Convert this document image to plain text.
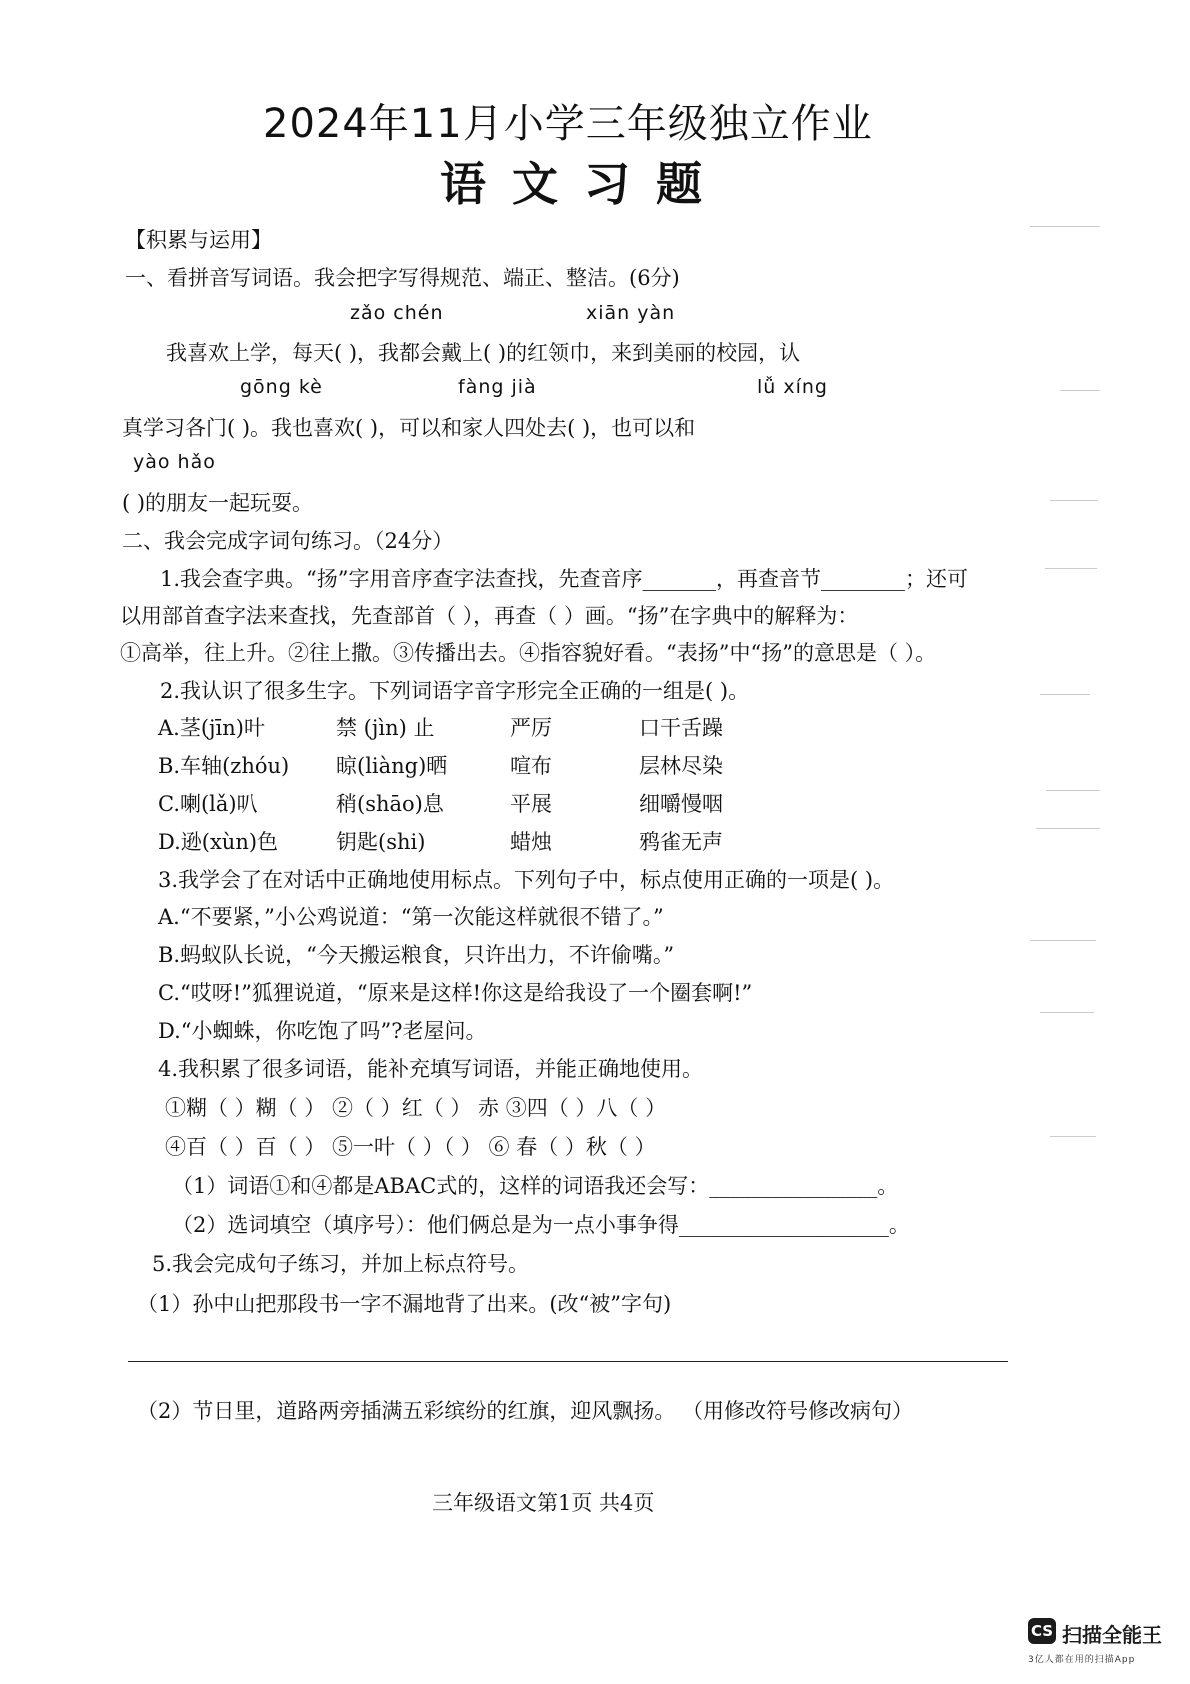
2024年11月小学三年级独立作业
语文习题
【积累与运用】
一、看拼音写词语。我会把字写得规范、端正、整洁。(6分)
zǎo chén	xiān yàn
我喜欢上学，每天( )，我都会戴上( )的红领巾，来到美丽的校园，认
gōng kè	fàng jià	lǚ xíng
真学习各门( )。我也喜欢( )，可以和家人四处去( )，也可以和
yào hǎo
( )的朋友一起玩耍。
二、我会完成字词句练习。（24分）
1.我会查字典。“扬”字用音序查字法查找，先查音序_______，再查音节________；还可
以用部首查字法来查找，先查部首（ ），再查（ ）画。“扬”在字典中的解释为：
①高举，往上升。②往上撒。③传播出去。④指容貌好看。“表扬”中“扬”的意思是（ ）。
2.我认识了很多生字。下列词语字音字形完全正确的一组是( )。
A.茎(jīn)叶	禁 (jìn) 止	严厉	口干舌躁
B.车轴(zhóu) 晾(liàng)晒	喧布	层林尽染
C.喇(lǎ)叭	稍(shāo)息	平展	细嚼慢咽
D.逊(xùn)色	钥匙(shi)	蜡烛	鸦雀无声
3.我学会了在对话中正确地使用标点。下列句子中，标点使用正确的一项是( )。
A.“不要紧，”小公鸡说道：“第一次能这样就很不错了。”
B.蚂蚁队长说，“今天搬运粮食，只许出力，不许偷嘴。”
C.“哎呀!”狐狸说道，“原来是这样!你这是给我设了一个圈套啊!”
D.“小蜘蛛，你吃饱了吗”?老屋问。
4.我积累了很多词语，能补充填写词语，并能正确地使用。
①糊（ ）糊（ ） ②（ ）红（ ） 赤 ③四（ ）八（ ）
④百（ ）百（ ） ⑤一叶（ ）（ ） ⑥ 春（ ）秋（ ）
（1）词语①和④都是ABAC式的，这样的词语我还会写：________________。
（2）选词填空（填序号）：他们俩总是为一点小事争得____________________。
5.我会完成句子练习，并加上标点符号。
（1）孙中山把那段书一字不漏地背了出来。(改“被”字句)
（2）节日里，道路两旁插满五彩缤纷的红旗，迎风飘扬。 （用修改符号修改病句）
三年级语文第1页 共4页
CS 扫描全能王
3亿人都在用的扫描App
